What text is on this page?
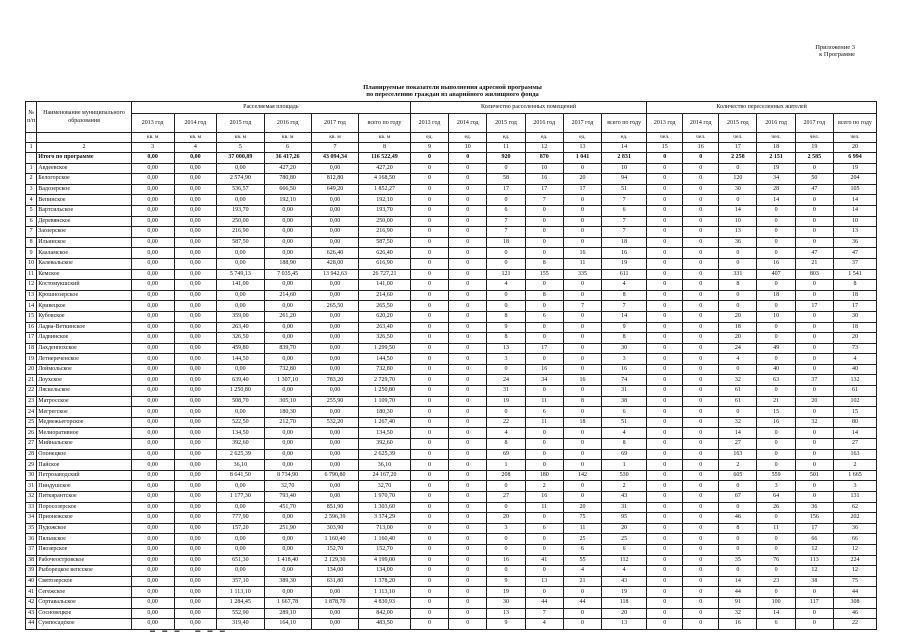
Приложение 3
к Программе
Планируемые показатели выполнения адресной программы
по переселению граждан из аварийного жилищного фонда
№ п/п	Наименование муниципального образования	Расселяемая площадь						Количество расселенных помещений						Количество переселенных жителей					
		2013 год	2014 год	2015 год	2016 год	2017 год	всего по году	2013 год	2014 год	2015 год	2016 год	2017 год	всего по году	2013 год	2014 год	2015 год	2016 год	2017 год	всего по году
		кв. м	кв. м	кв. м	кв. м	кв. м	кв. м	ед.	ед.	ед.	ед.	ед.	ед.	чел.	чел.	чел.	чел.	чел.	чел.
1	2	3	4	5	6	7	8	9	10	11	12	13	14	15	16	17	18	19	20
	Итого по программе	0,00	0,00	37 000,89	36 417,26	43 094,34	116 522,49	0	0	920	870	1 041	2 831	0	0	2 258	2 151	2 585	6 994
1	Авдеевское	0,00	0,00	0,00	427,20	0,00	427,20	0	0	0	10	0	10	0	0	0	19	0	19
2	Белогорское	0,00	0,00	2 574,90	780,80	812,80	4 168,50	0	0	58	16	20	94	0	0	120	34	50	204
3	Вадозерское	0,00	0,00	536,57	666,50	649,20	1 852,27	0	0	17	17	17	51	0	0	30	28	47	105
4	Вепинское	0,00	0,00	0,00	192,10	0,00	192,10	0	0	0	7	0	7	0	0	0	14	0	14
5	Вартсильское	0,00	0,00	193,70	0,00	0,00	193,70	0	0	6	0	0	6	0	0	14	0	0	14
6	Деревянское	0,00	0,00	250,00	0,00	0,00	250,00	0	0	7	0	0	7	0	0	10	0	0	10
7	Заозерское	0,00	0,00	216,90	0,00	0,00	216,90	0	0	7	0	0	7	0	0	13	0	0	13
8	Ильинское	0,00	0,00	587,50	0,00	0,00	587,50	0	0	18	0	0	18	0	0	36	0	0	36
9	Кааламское	0,00	0,00	0,00	0,00	626,40	626,40	0	0	0	0	16	16	0	0	0	0	47	47
10	Калевальское	0,00	0,00	0,00	188,90	428,00	616,90	0	0	0	8	11	19	0	0	0	16	21	37
11	Кемское	0,00	0,00	5 749,13	7 035,45	13 942,63	26 727,21	0	0	121	155	335	611	0	0	331	407	803	1 541
12	Костомукшский	0,00	0,00	141,00	0,00	0,00	141,00	0	0	4	0	0	4	0	0	8	0	0	8
13	Крошнозерское	0,00	0,00	0,00	214,60	0,00	214,60	0	0	0	8	0	8	0	0	0	18	0	18
14	Кривецкое	0,00	0,00	0,00	0,00	265,50	265,50	0	0	0	0	7	7	0	0	0	0	17	17
15	Кубовское	0,00	0,00	359,00	261,20	0,00	620,20	0	0	8	6	0	14	0	0	20	10	0	30
16	Ладва-Веткинское	0,00	0,00	263,40	0,00	0,00	263,40	0	0	9	0	0	9	0	0	18	0	0	18
17	Ладвинское	0,00	0,00	326,50	0,00	0,00	326,50	0	0	8	0	0	8	0	0	20	0	0	20
18	Лахденпохское	0,00	0,00	459,80	839,70	0,00	1 299,50	0	0	13	17	0	30	0	0	24	49	0	73
19	Летнереченское	0,00	0,00	144,50	0,00	0,00	144,50	0	0	3	0	0	3	0	0	4	0	0	4
20	Лоймольское	0,00	0,00	0,00	732,80	0,00	732,80	0	0	0	16	0	16	0	0	0	40	0	40
21	Лоухское	0,00	0,00	639,40	1 307,10	783,20	2 729,70	0	0	24	34	16	74	0	0	32	63	37	132
22	Ляскельское	0,00	0,00	1 250,80	0,00	0,00	1 250,80	0	0	31	0	0	31	0	0	61	0	0	61
23	Матросское	0,00	0,00	508,70	305,10	255,90	1 109,70	0	0	19	11	8	38	0	0	61	21	20	102
24	Мегрегское	0,00	0,00	0,00	180,30	0,00	180,30	0	0	0	6	0	6	0	0	0	15	0	15
25	Медвежьегорское	0,00	0,00	522,50	212,70	532,20	1 267,40	0	0	22	11	18	51	0	0	32	16	32	80
26	Мелиоративное	0,00	0,00	134,50	0,00	0,00	134,50	0	0	4	0	0	4	0	0	14	0	0	14
27	Мийнальское	0,00	0,00	392,60	0,00	0,00	392,60	0	0	8	0	0	8	0	0	27	0	0	27
28	Олонецкое	0,00	0,00	2 625,39	0,00	0,00	2 625,39	0	0	69	0	0	69	0	0	163	0	0	163
29	Пайское	0,00	0,00	36,10	0,00	0,00	36,10	0	0	1	0	0	1	0	0	2	0	0	2
30	Петрозаводский	0,00	0,00	8 641,50	8 734,90	6 790,80	24 167,20	0	0	208	180	142	530	0	0	605	559	501	1 665
31	Пиндушское	0,00	0,00	0,00	32,70	0,00	32,70	0	0	0	2	0	2	0	0	0	3	0	3
32	Питкярантское	0,00	0,00	1 177,30	793,40	0,00	1 970,70	0	0	27	16	0	43	0	0	67	64	0	131
33	Поросозерское	0,00	0,00	0,00	451,70	851,90	1 303,60	0	0	0	11	20	31	0	0	0	26	36	62
34	Прионежское	0,00	0,00	777,90	0,00	2 596,39	3 374,29	0	0	20	0	75	95	0	0	46	0	156	202
35	Пудожское	0,00	0,00	157,20	251,90	303,90	713,00	0	0	3	6	11	20	0	0	8	11	17	36
36	Пяльмское	0,00	0,00	0,00	0,00	1 160,40	1 160,40	0	0	0	0	25	25	0	0	0	0	66	66
37	Пяозерское	0,00	0,00	0,00	0,00	152,70	152,70	0	0	0	0	6	6	0	0	0	0	12	12
38	Рабочеостровское	0,00	0,00	651,30	1 418,40	2 129,30	4 199,00	0	0	16	41	55	112	0	0	35	76	113	224
39	Рыборецкое вепсское	0,00	0,00	0,00	0,00	134,00	134,00	0	0	0	0	4	4	0	0	0	0	12	12
40	Святозерское	0,00	0,00	357,10	389,30	631,80	1 378,20	0	0	9	13	21	43	0	0	14	23	38	75
41	Сегежское	0,00	0,00	1 113,10	0,00	0,00	1 113,10	0	0	19	0	0	19	0	0	44	0	0	44
42	Сортавальское	0,00	0,00	1 284,45	1 667,78	1 878,70	4 830,93	0	0	30	44	44	118	0	0	91	100	117	308
43	Сосновецкое	0,00	0,00	552,90	289,10	0,00	842,00	0	0	13	7	0	20	0	0	32	14	0	46
44	Сумпосадское	0,00	0,00	319,40	164,10	0,00	483,50	0	0	9	4	0	13	0	0	16	6	0	22
▬ ▬ ▬   ▬ ▬ ▬
